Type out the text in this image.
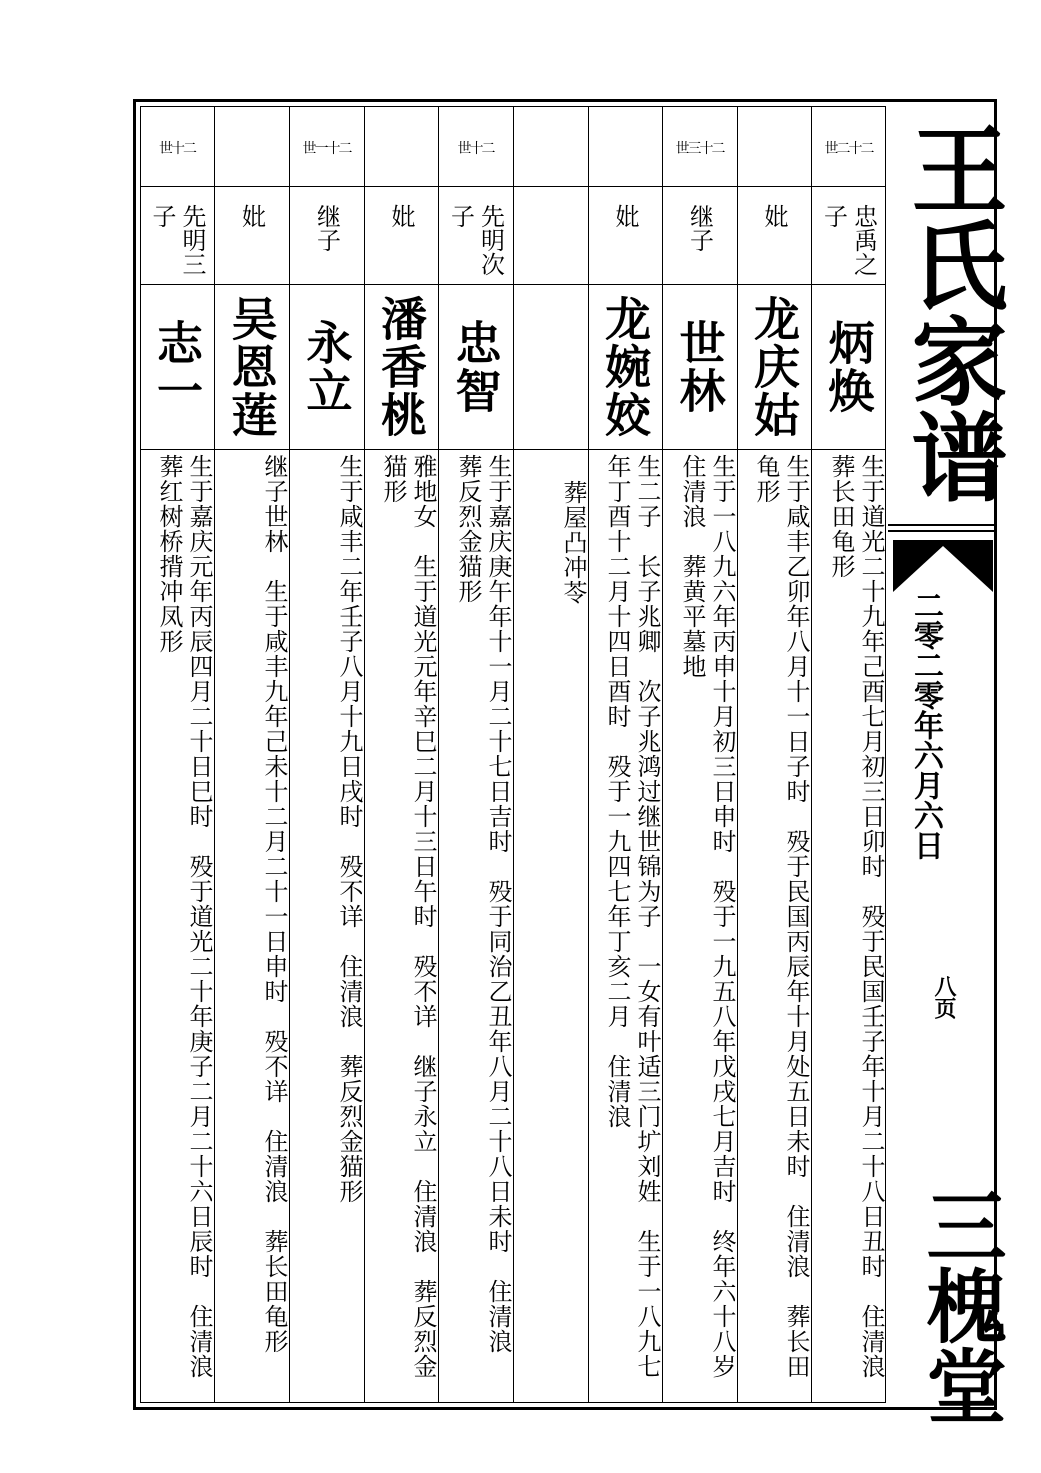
王氏家谱
二零二零年六月六日
八页
三槐堂
世二十二
忠禹之子
炳焕
生于道光二十九年己酉七月初三日卯时　殁于民国壬子年十月二十八日丑时　住清浪　葬长田龟形
妣
龙庆姑
生于咸丰乙卯年八月十一日子时　殁于民国丙辰年十月处五日未时　住清浪　葬长田龟形
世三十二
继子
世林
生于一八九六年丙申十月初三日申时　殁于一九五八年戊戌七月吉时　终年六十八岁　住清浪　葬黄平墓地
妣
龙婉姣
生二子　长子兆卿　次子兆鸿过继世锦为子　一女有叶适三门圹刘姓　生于一八九七年丁酉十二月十四日酉时　殁于一九四七年丁亥二月　住清浪
葬屋凸冲苓
世十二
先明次子
忠智
生于嘉庆庚午年十一月二十七日吉时　殁于同治乙丑年八月二十八日未时　住清浪　葬反烈金猫形
妣
潘香桃
雅地女　生于道光元年辛巳二月十三日午时　殁不详　继子永立　住清浪　葬反烈金猫形
世一十二
继子
永立
生于咸丰二年壬子八月十九日戌时　殁不详　住清浪　葬反烈金猫形
妣
吴恩莲
继子世林　生于咸丰九年己未十二月二十一日申时　殁不详　住清浪　葬长田龟形
世十二
先明三子
志一
生于嘉庆元年丙辰四月二十日巳时　殁于道光二十年庚子二月二十六日辰时　住清浪　葬红树桥揹冲凤形
